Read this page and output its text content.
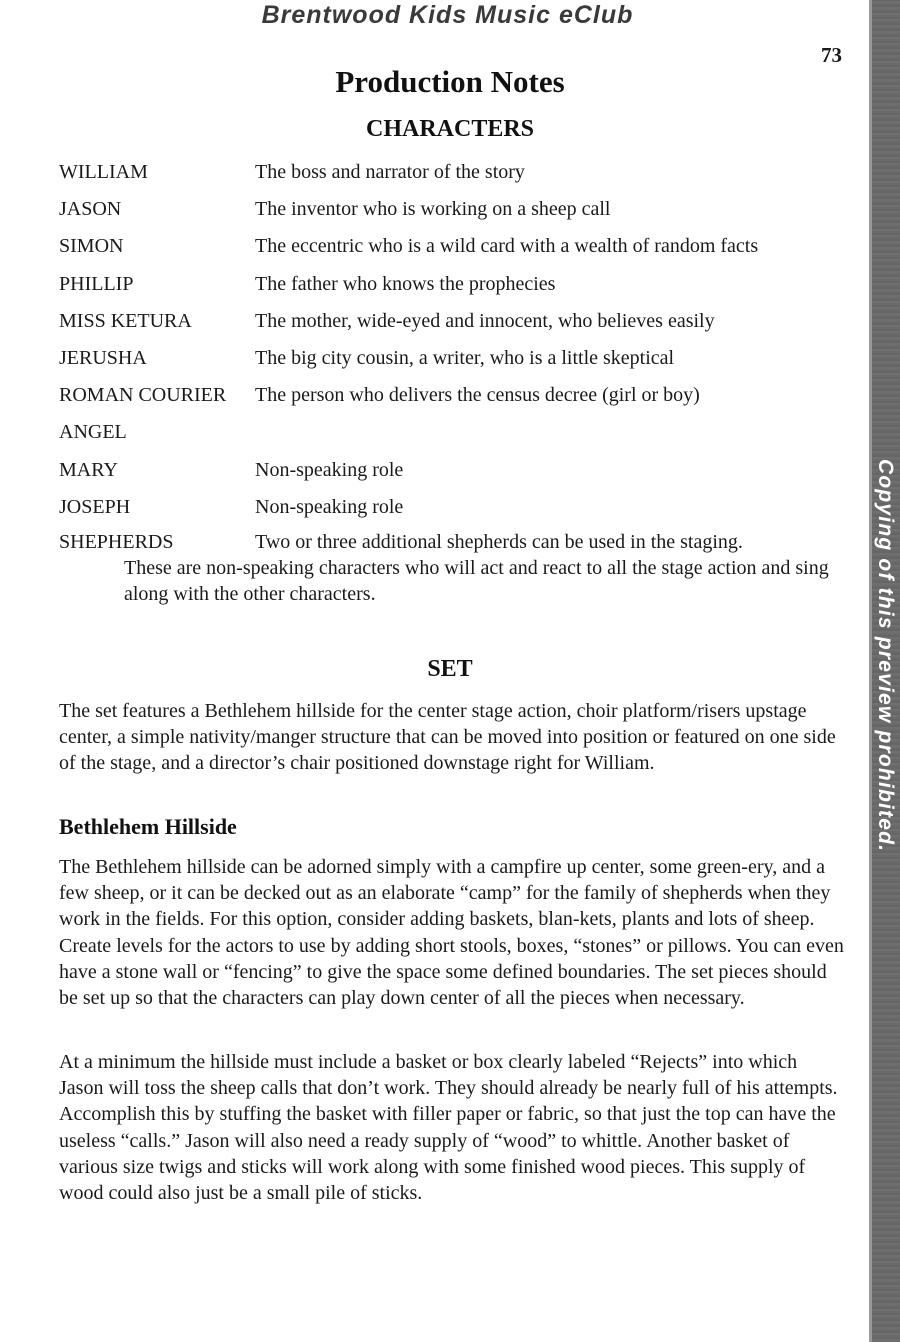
Brentwood Kids Music eClub
73
Production Notes
CHARACTERS
WILLIAM	The boss and narrator of the story
JASON	The inventor who is working on a sheep call
SIMON	The eccentric who is a wild card with a wealth of random facts
PHILLIP	The father who knows the prophecies
MISS KETURA	The mother, wide-eyed and innocent, who believes easily
JERUSHA	The big city cousin, a writer, who is a little skeptical
ROMAN COURIER The person who delivers the census decree (girl or boy)
ANGEL
MARY	Non-speaking role
JOSEPH	Non-speaking role
SHEPHERDS	Two or three additional shepherds can be used in the staging.
These are non-speaking characters who will act and react to all the stage action and sing along with the other characters.
SET

The set features a Bethlehem hillside for the center stage action, choir platform/risers upstage center, a simple nativity/manger structure that can be moved into position or featured on one side of the stage, and a director’s chair positioned downstage right for William.

Bethlehem Hillside

The Bethlehem hillside can be adorned simply with a campfire up center, some green-ery, and a few sheep, or it can be decked out as an elaborate “camp” for the family of shepherds when they work in the fields. For this option, consider adding baskets, blan-kets, plants and lots of sheep. Create levels for the actors to use by adding short stools, boxes, “stones” or pillows. You can even have a stone wall or “fencing” to give the space some defined boundaries. The set pieces should be set up so that the characters can play down center of all the pieces when necessary.

At a minimum the hillside must include a basket or box clearly labeled “Rejects” into which Jason will toss the sheep calls that don’t work. They should already be nearly full of his attempts. Accomplish this by stuffing the basket with filler paper or fabric, so that just the top can have the useless “calls.” Jason will also need a ready supply of “wood” to whittle. Another basket of various size twigs and sticks will work along with some finished wood pieces. This supply of wood could also just be a small pile of sticks.

Copying of this preview prohibited.
